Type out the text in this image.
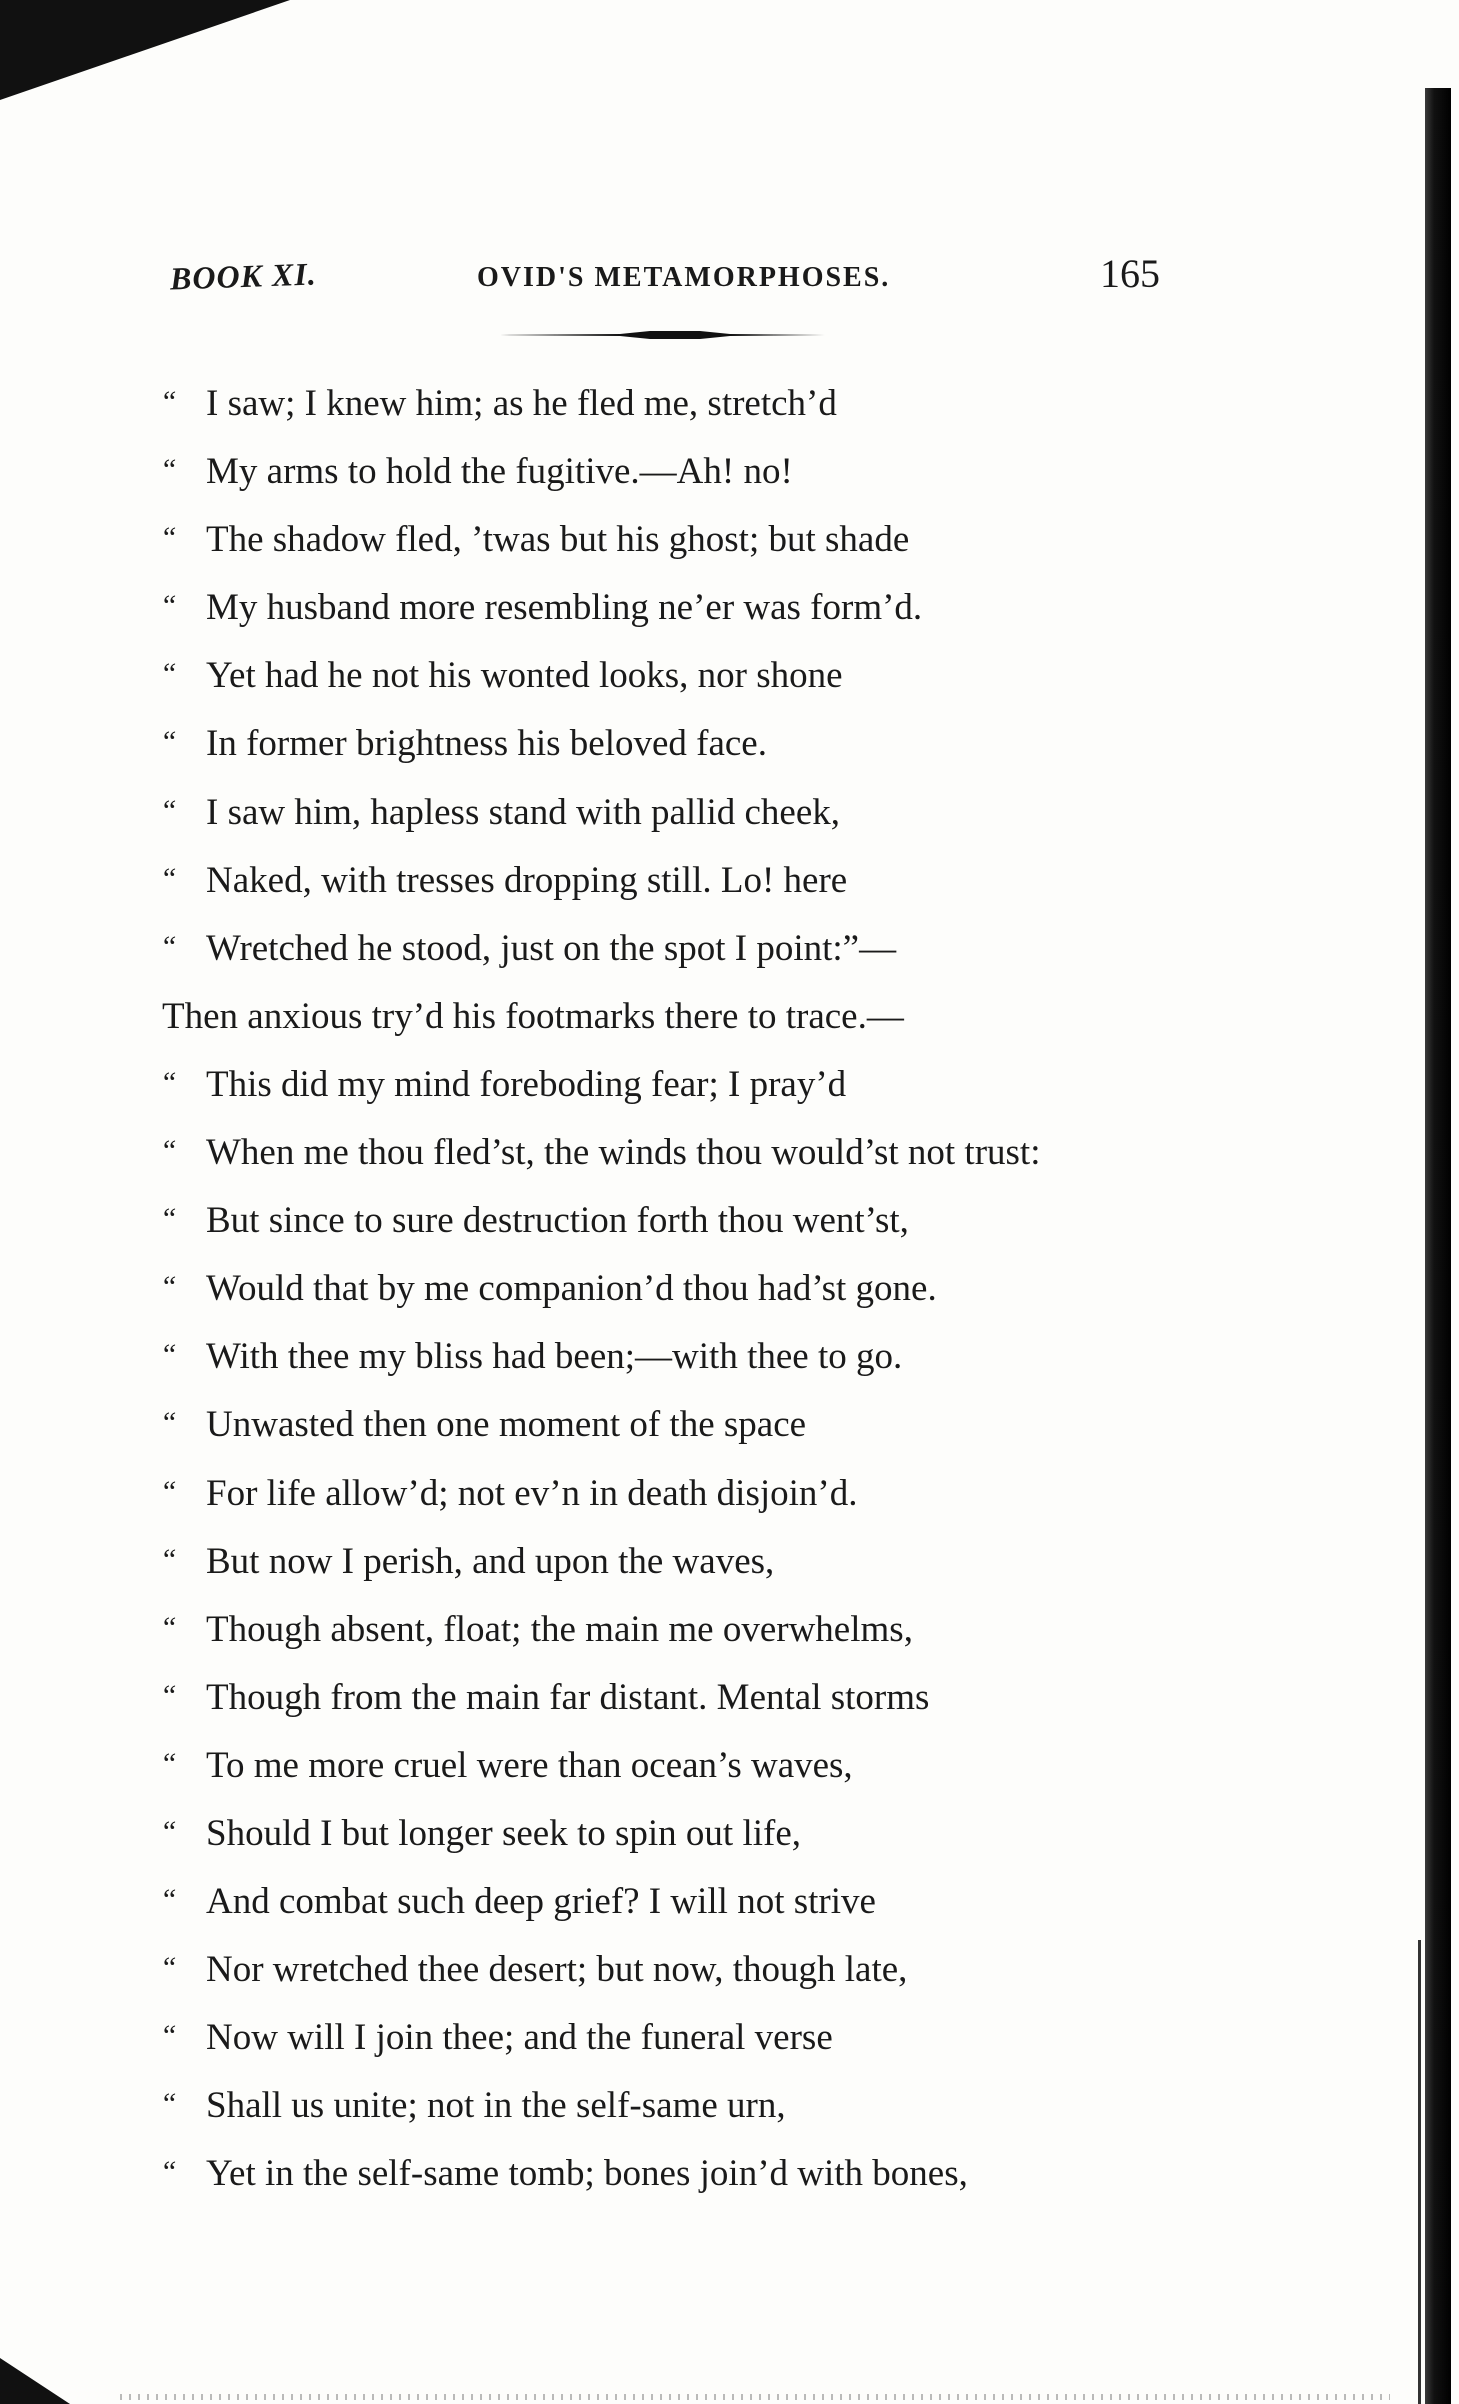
BOOK XI.	OVID'S METAMORPHOSES.	165
“ I saw; I knew him; as he fled me, stretch’d
“ My arms to hold the fugitive.—Ah! no!
“ The shadow fled, ’twas but his ghost; but shade
“ My husband more resembling ne’er was form’d.
“ Yet had he not his wonted looks, nor shone
“ In former brightness his beloved face.
“ I saw him, hapless stand with pallid cheek,
“ Naked, with tresses dropping still. Lo! here
“ Wretched he stood, just on the spot I point:”—
Then anxious try’d his footmarks there to trace.—
“ This did my mind foreboding fear; I pray’d
“ When me thou fled’st, the winds thou would’st not trust:
“ But since to sure destruction forth thou went’st,
“ Would that by me companion’d thou had’st gone.
“ With thee my bliss had been;—with thee to go.
“ Unwasted then one moment of the space
“ For life allow’d; not ev’n in death disjoin’d.
“ But now I perish, and upon the waves,
“ Though absent, float; the main me overwhelms,
“ Though from the main far distant. Mental storms
“ To me more cruel were than ocean’s waves,
“ Should I but longer seek to spin out life,
“ And combat such deep grief? I will not strive
“ Nor wretched thee desert; but now, though late,
“ Now will I join thee; and the funeral verse
“ Shall us unite; not in the self-same urn,
“ Yet in the self-same tomb; bones join’d with bones,
